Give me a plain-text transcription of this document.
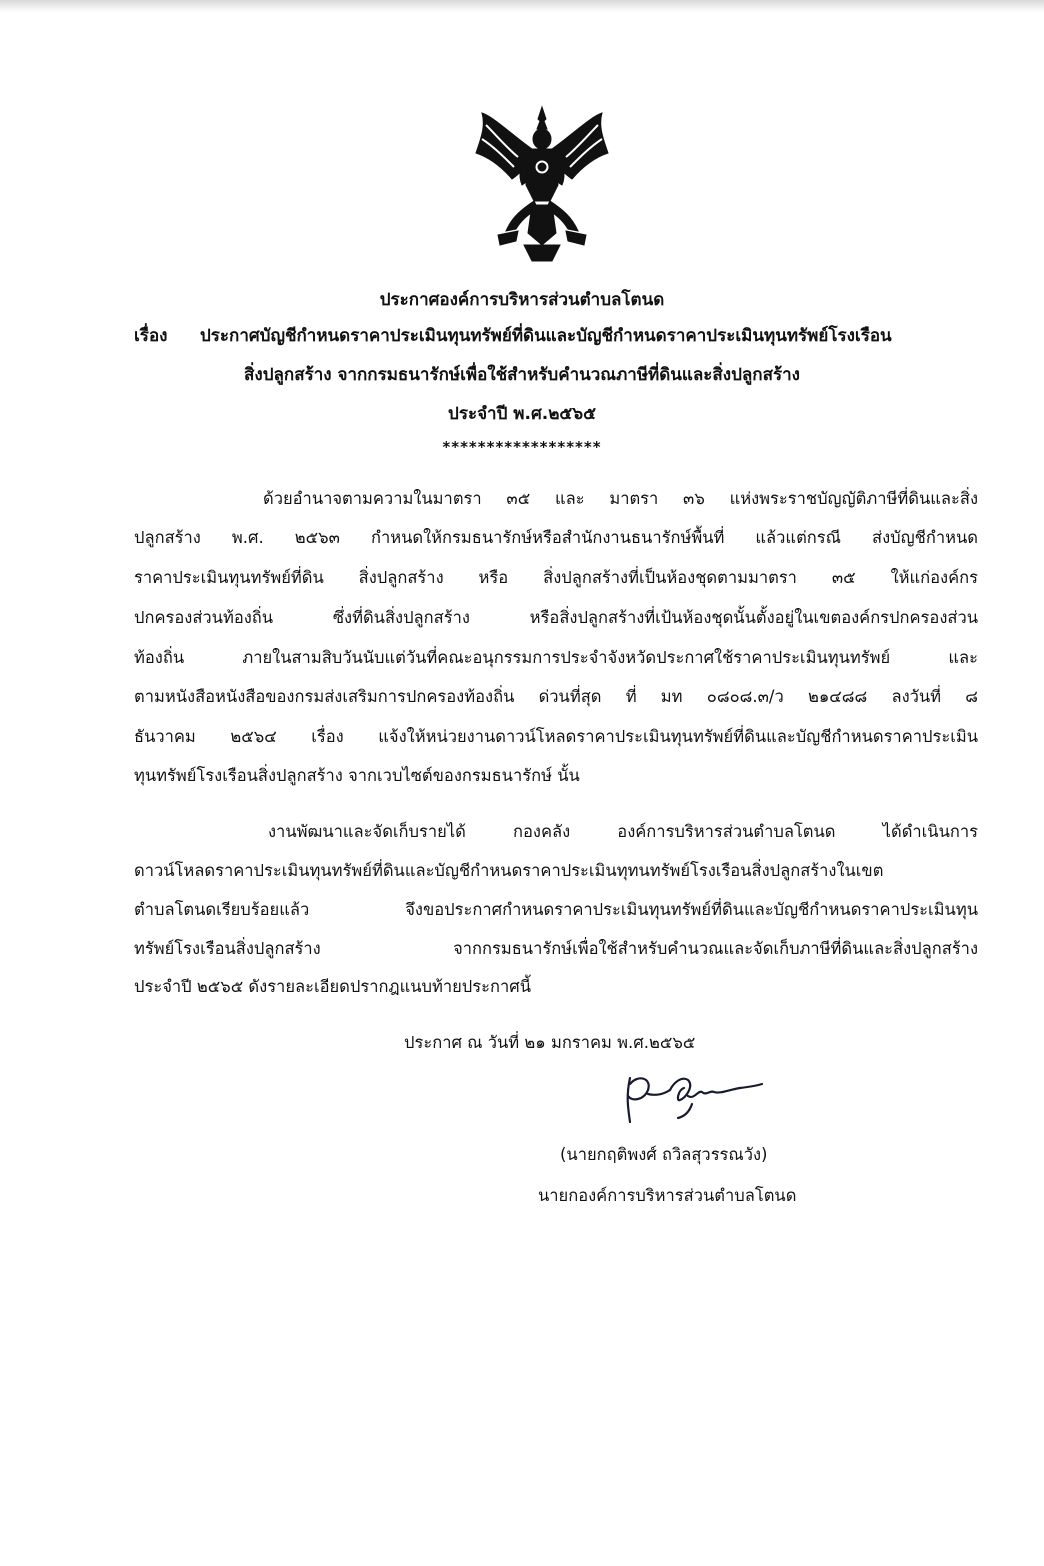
ประกาศองค์การบริหารส่วนตำบลโตนด
เรื่อง ประกาศบัญชีกำหนดราคาประเมินทุนทรัพย์ที่ดินและบัญชีกำหนดราคาประเมินทุนทรัพย์โรงเรือน
สิ่งปลูกสร้าง จากกรมธนารักษ์เพื่อใช้สำหรับคำนวณภาษีที่ดินและสิ่งปลูกสร้าง
ประจำปี พ.ศ.๒๕๖๕
******************
ด้วยอำนาจตามความในมาตรา ๓๕ และ มาตรา ๓๖ แห่งพระราชบัญญัติภาษีที่ดินและสิ่ง
ปลูกสร้าง พ.ศ. ๒๕๖๓ กำหนดให้กรมธนารักษ์หรือสำนักงานธนารักษ์พื้นที่ แล้วแต่กรณี ส่งบัญชีกำหนด
ราคาประเมินทุนทรัพย์ที่ดิน สิ่งปลูกสร้าง หรือ สิ่งปลูกสร้างที่เป็นห้องชุดตามมาตรา ๓๕ ให้แก่องค์กร
ปกครองส่วนท้องถิ่น ซึ่งที่ดินสิ่งปลูกสร้าง หรือสิ่งปลูกสร้างที่เป้นห้องชุดนั้นตั้งอยู่ในเขตองค์กรปกครองส่วน
ท้องถิ่น ภายในสามสิบวันนับแต่วันที่คณะอนุกรรมการประจำจังหวัดประกาศใช้ราคาประเมินทุนทรัพย์ และ
ตามหนังสือหนังสือของกรมส่งเสริมการปกครองท้องถิ่น ด่วนที่สุด ที่ มท ๐๘๐๘.๓/ว ๒๑๔๘๘ ลงวันที่ ๘
ธันวาคม ๒๕๖๔ เรื่อง แจ้งให้หน่วยงานดาวน์โหลดราคาประเมินทุนทรัพย์ที่ดินและบัญชีกำหนดราคาประเมิน
ทุนทรัพย์โรงเรือนสิ่งปลูกสร้าง จากเวบไซต์ของกรมธนารักษ์ นั้น
งานพัฒนาและจัดเก็บรายได้ กองคลัง องค์การบริหารส่วนตำบลโตนด ได้ดำเนินการ
ดาวน์โหลดราคาประเมินทุนทรัพย์ที่ดินและบัญชีกำหนดราคาประเมินทุทนทรัพย์โรงเรือนสิ่งปลูกสร้างในเขต
ตำบลโตนดเรียบร้อยแล้ว จึงขอประกาศกำหนดราคาประเมินทุนทรัพย์ที่ดินและบัญชีกำหนดราคาประเมินทุน
ทรัพย์โรงเรือนสิ่งปลูกสร้าง จากกรมธนารักษ์เพื่อใช้สำหรับคำนวณและจัดเก็บภาษีที่ดินและสิ่งปลูกสร้าง
ประจำปี ๒๕๖๕ ดังรายละเอียดปรากฎแนบท้ายประกาศนี้
ประกาศ ณ วันที่ ๒๑ มกราคม พ.ศ.๒๕๖๕
(นายกฤติพงศ์ ถวิลสุวรรณวัง)
นายกองค์การบริหารส่วนตำบลโตนด
